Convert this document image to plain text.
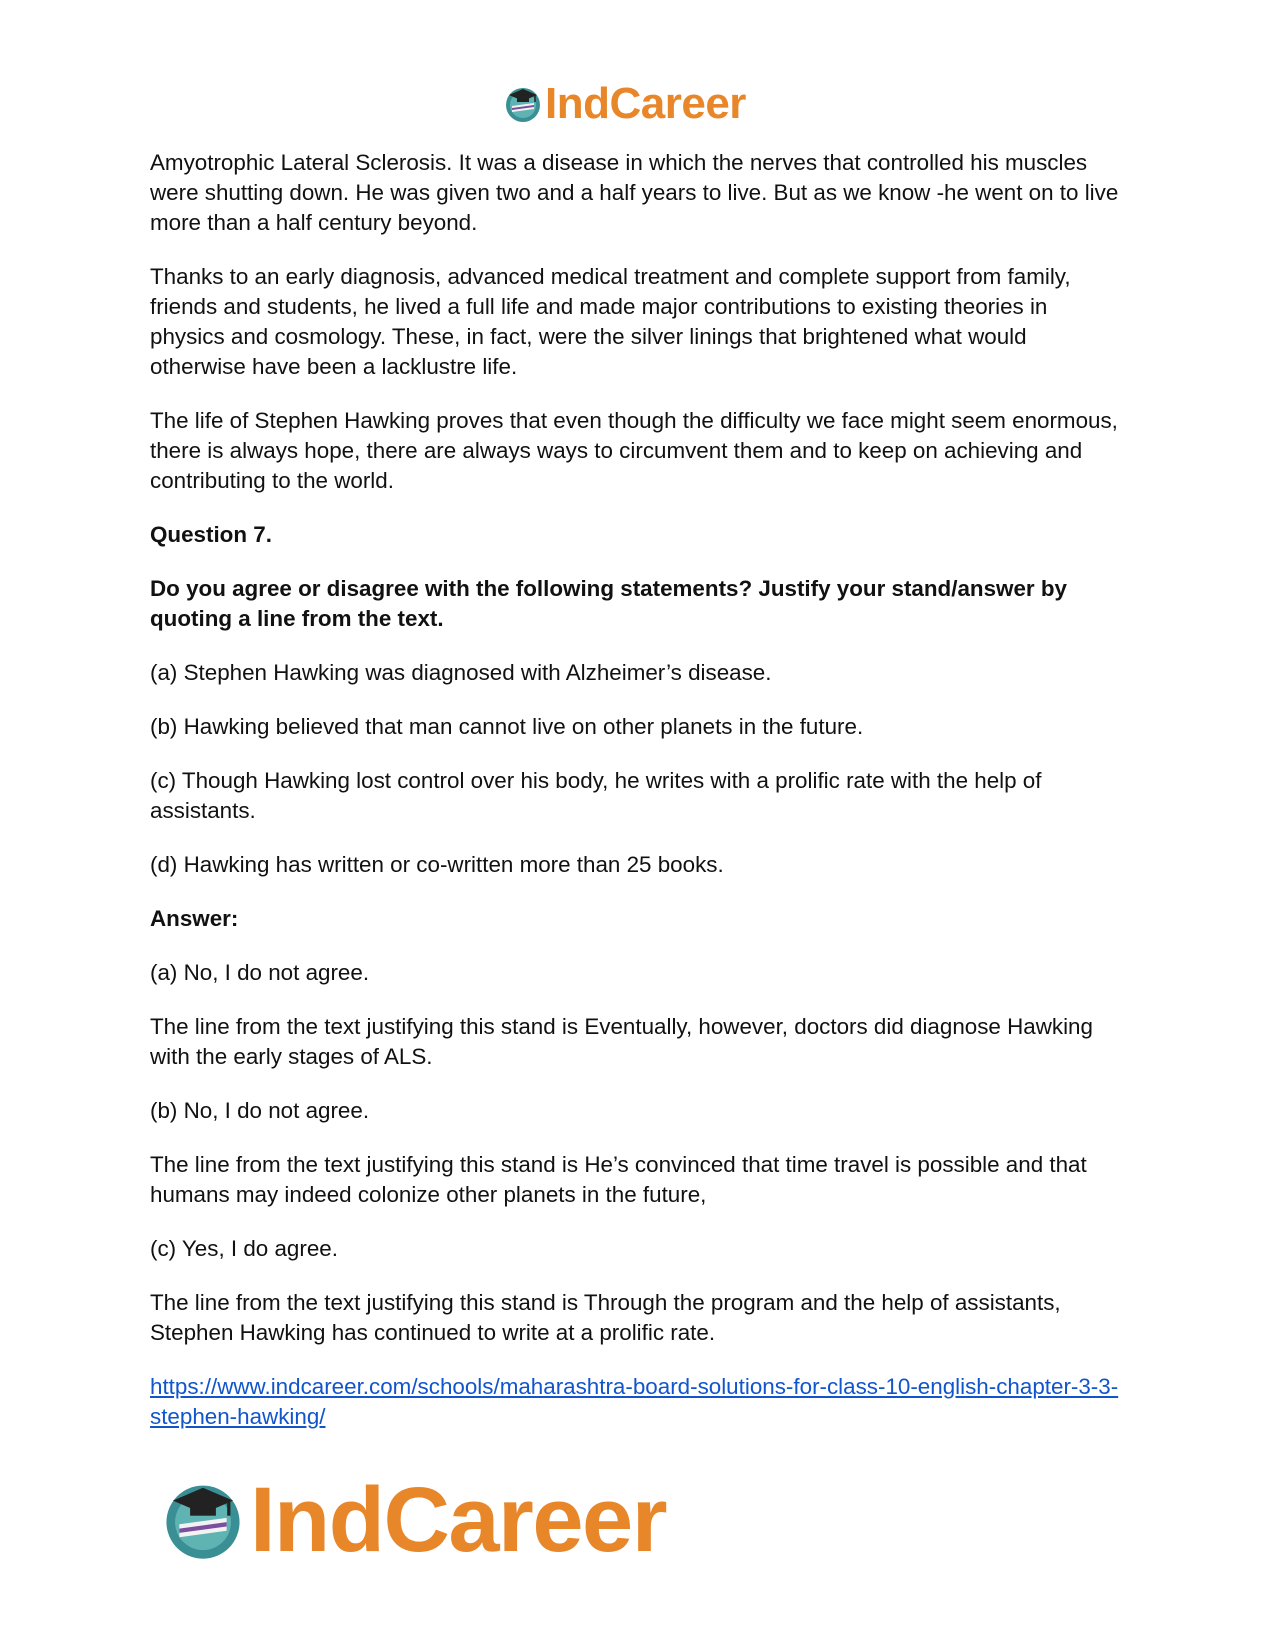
IndCareer

Amyotrophic Lateral Sclerosis. It was a disease in which the nerves that controlled his muscles were shutting down. He was given two and a half years to live. But as we know -he went on to live more than a half century beyond.

Thanks to an early diagnosis, advanced medical treatment and complete support from family, friends and students, he lived a full life and made major contributions to existing theories in physics and cosmology. These, in fact, were the silver linings that brightened what would otherwise have been a lacklustre life.

The life of Stephen Hawking proves that even though the difficulty we face might seem enormous, there is always hope, there are always ways to circumvent them and to keep on achieving and contributing to the world.

Question 7.

Do you agree or disagree with the following statements? Justify your stand/answer by quoting a line from the text.

(a) Stephen Hawking was diagnosed with Alzheimer’s disease.

(b) Hawking believed that man cannot live on other planets in the future.

(c) Though Hawking lost control over his body, he writes with a prolific rate with the help of assistants.

(d) Hawking has written or co-written more than 25 books.

Answer:

(a) No, I do not agree.

The line from the text justifying this stand is Eventually, however, doctors did diagnose Hawking with the early stages of ALS.

(b) No, I do not agree.

The line from the text justifying this stand is He’s convinced that time travel is possible and that humans may indeed colonize other planets in the future,

(c) Yes, I do agree.

The line from the text justifying this stand is Through the program and the help of assistants, Stephen Hawking has continued to write at a prolific rate.

https://www.indcareer.com/schools/maharashtra-board-solutions-for-class-10-english-chapter-3-3-stephen-hawking/

IndCareer
